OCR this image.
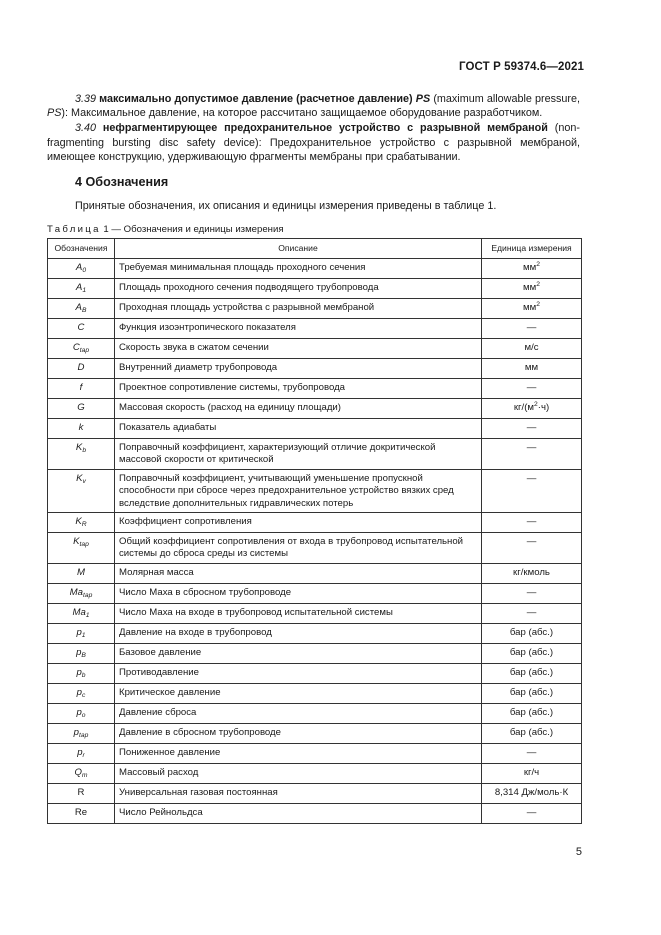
ГОСТ Р 59374.6—2021

3.39 максимально допустимое давление (расчетное давление) PS (maximum allowable pressure, PS): Максимальное давление, на которое рассчитано защищаемое оборудование разработчиком.

3.40 нефрагментирующее предохранительное устройство с разрывной мембраной (non-fragmenting bursting disc safety device): Предохранительное устройство с разрывной мембраной, имеющее конструкцию, удерживающую фрагменты мембраны при срабатывании.

4 Обозначения
Принятые обозначения, их описания и единицы измерения приведены в таблице 1.
Таблица 1 — Обозначения и единицы измерения
Обозначения	Описание	Единица измерения
$A_0$	Требуемая минимальная площадь проходного сечения	$мм^2$
$A_1$	Площадь проходного сечения подводящего трубопровода	$мм^2$
$A_B$	Проходная площадь устройства с разрывной мембраной	$мм^2$
C	Функция изоэнтропического показателя	—
$C_{tap}$	Скорость звука в сжатом сечении	м/с
D	Внутренний диаметр трубопровода	мм
f	Проектное сопротивление системы, трубопровода	—
G	Массовая скорость (расход на единицу площади)	$кг/(м^2\cdot ч)$
k	Показатель адиабаты	—
$K_b$	Поправочный коэффициент, характеризующий отличие докритической массовой скорости от критической	—
$K_v$	Поправочный коэффициент, учитывающий уменьшение пропускной способности при сбросе через предохранительное устройство вязких сред вследствие дополнительных гидравлических потерь	—
$K_R$	Коэффициент сопротивления	—
$K_{tap}$	Общий коэффициент сопротивления от входа в трубопровод испытательной системы до сброса среды из системы	—
M	Молярная масса	кг/кмоль
$Ma_{tap}$	Число Маха в сбросном трубопроводе	—
$Ma_1$	Число Маха на входе в трубопровод испытательной системы	—
$p_1$	Давление на входе в трубопровод	бар (абс.)
$p_B$	Базовое давление	бар (абс.)
$p_b$	Противодавление	бар (абс.)
$p_c$	Критическое давление	бар (абс.)
$p_o$	Давление сброса	бар (абс.)
$p_{tap}$	Давление в сбросном трубопроводе	бар (абс.)
$p_r$	Пониженное давление	—
$Q_m$	Массовый расход	кг/ч
R	Универсальная газовая постоянная	8,314 Дж/моль·К
Re	Число Рейнольдса	—
5
